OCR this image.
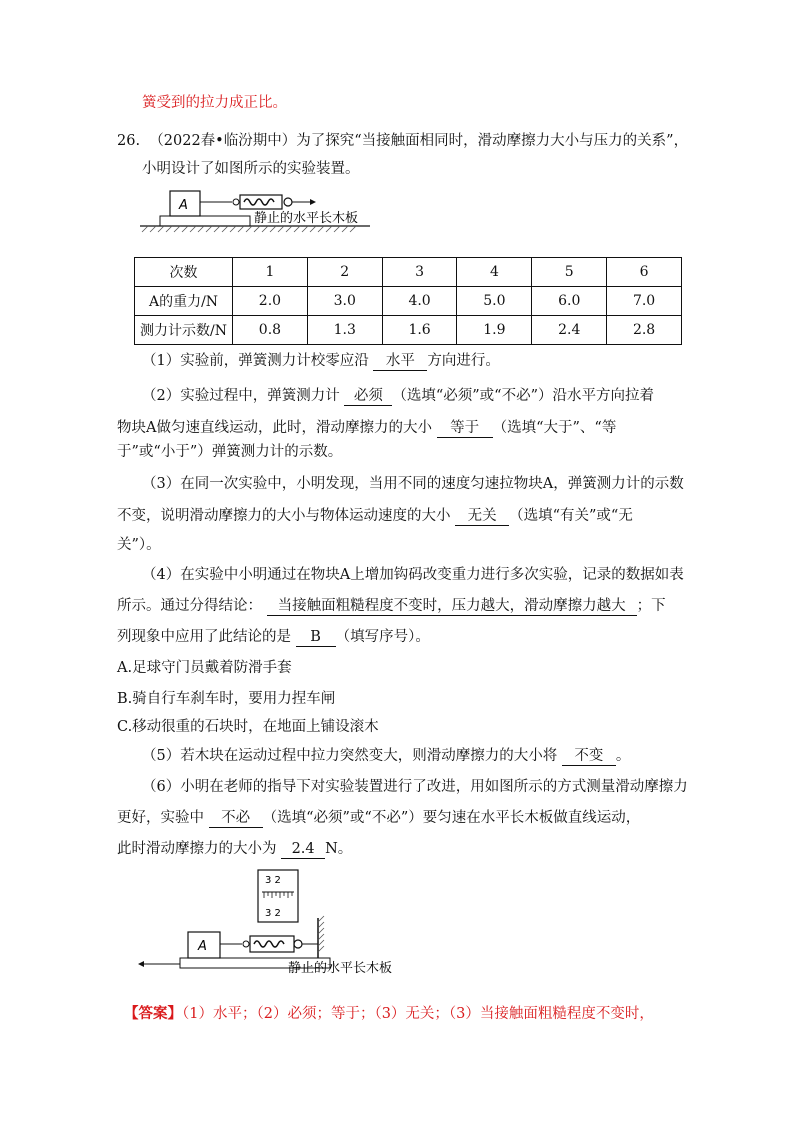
簧受到的拉力成正比。
26. （2022春•临汾期中）为了探究“当接触面相同时，滑动摩擦力大小与压力的关系”，
小明设计了如图所示的实验装置。
A
静止的水平长木板
次数	1	2	3	4	5	6
A的重力/N	2.0	3.0	4.0	5.0	6.0	7.0
测力计示数/N	0.8	1.3	1.6	1.9	2.4	2.8
（1）实验前，弹簧测力计校零应沿 水平 方向进行。
（2）实验过程中，弹簧测力计 必须 （选填“必须”或“不必”）沿水平方向拉着
物块A做匀速直线运动，此时，滑动摩擦力的大小 等于 （选填“大于”、“等
于”或“小于”）弹簧测力计的示数。
（3）在同一次实验中，小明发现，当用不同的速度匀速拉物块A，弹簧测力计的示数
不变，说明滑动摩擦力的大小与物体运动速度的大小 无关 （选填“有关”或“无
关”）。
（4）在实验中小明通过在物块A上增加钩码改变重力进行多次实验，记录的数据如表
所示。通过分得结论： 当接触面粗糙程度不变时，压力越大，滑动摩擦力越大 ；下
列现象中应用了此结论的是 B （填写序号）。
A.足球守门员戴着防滑手套
B.骑自行车刹车时，要用力捏车闸
C.移动很重的石块时，在地面上铺设滚木
（5）若木块在运动过程中拉力突然变大，则滑动摩擦力的大小将 不变 。
（6）小明在老师的指导下对实验装置进行了改进，用如图所示的方式测量滑动摩擦力
更好，实验中 不必 （选填“必须”或“不必”）要匀速在水平长木板做直线运动，
此时滑动摩擦力的大小为 2.4 N。
3 2
3 2
A
静止的水平长木板
【答案】（1）水平；（2）必须；等于；（3）无关；（3）当接触面粗糙程度不变时，
